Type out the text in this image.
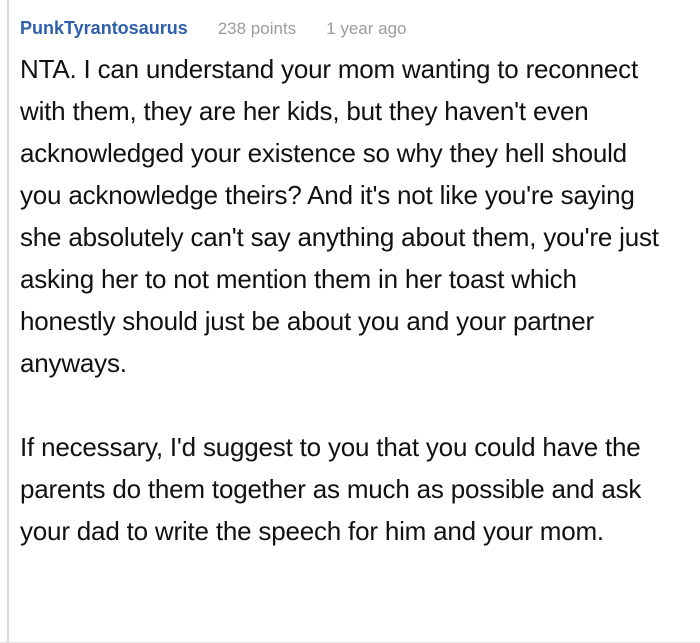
PunkTyrantosaurus 238 points 1 year ago

NTA. I can understand your mom wanting to reconnect with them, they are her kids, but they haven't even acknowledged your existence so why they hell should you acknowledge theirs? And it's not like you're saying she absolutely can't say anything about them, you're just asking her to not mention them in her toast which honestly should just be about you and your partner anyways.

If necessary, I'd suggest to you that you could have the parents do them together as much as possible and ask your dad to write the speech for him and your mom.
